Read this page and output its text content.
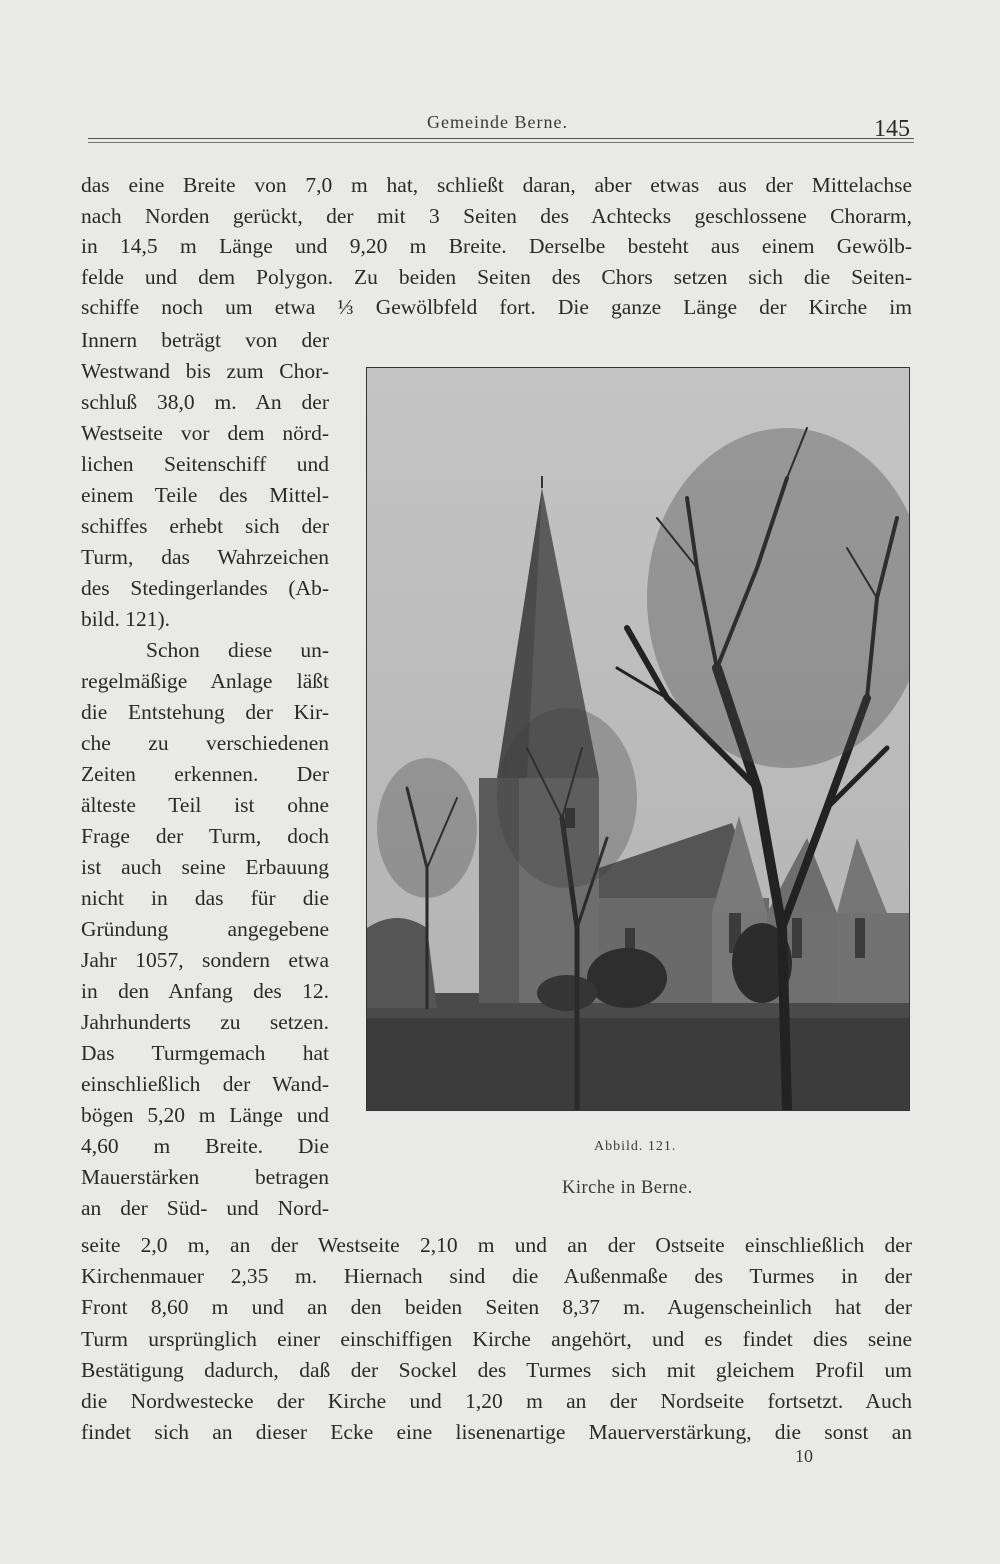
Gemeinde Berne.	145
das eine Breite von 7,0 m hat, schließt daran, aber etwas aus der Mittelachse
nach Norden gerückt, der mit 3 Seiten des Achtecks geschlossene Chorarm,
in 14,5 m Länge und 9,20 m Breite. Derselbe besteht aus einem Gewölb-
felde und dem Polygon. Zu beiden Seiten des Chors setzen sich die Seiten-
schiffe noch um etwa ⅓ Gewölbfeld fort. Die ganze Länge der Kirche im
Innern beträgt von der
Westwand bis zum Chor-
schluß 38,0 m. An der
Westseite vor dem nörd-
lichen Seitenschiff und
einem Teile des Mittel-
schiffes erhebt sich der
Turm, das Wahrzeichen
des Stedingerlandes (Ab-
bild. 121).
Schon diese un-
regelmäßige Anlage läßt
die Entstehung der Kir-
che zu verschiedenen
Zeiten erkennen. Der
älteste Teil ist ohne
Frage der Turm, doch
ist auch seine Erbauung
nicht in das für die
Gründung angegebene
Jahr 1057, sondern etwa
in den Anfang des 12.
Jahrhunderts zu setzen.
Das Turmgemach hat
einschließlich der Wand-
bögen 5,20 m Länge und
4,60 m Breite. Die
Mauerstärken betragen
an der Süd- und Nord-
seite 2,0 m, an der Westseite 2,10 m und an der Ostseite einschließlich der
Kirchenmauer 2,35 m. Hiernach sind die Außenmaße des Turmes in der
Front 8,60 m und an den beiden Seiten 8,37 m. Augenscheinlich hat der
Turm ursprünglich einer einschiffigen Kirche angehört, und es findet dies seine
Bestätigung dadurch, daß der Sockel des Turmes sich mit gleichem Profil um
die Nordwestecke der Kirche und 1,20 m an der Nordseite fortsetzt. Auch
findet sich an dieser Ecke eine lisenenartige Mauerverstärkung, die sonst an
Abbild. 121.
Kirche in Berne.
10
